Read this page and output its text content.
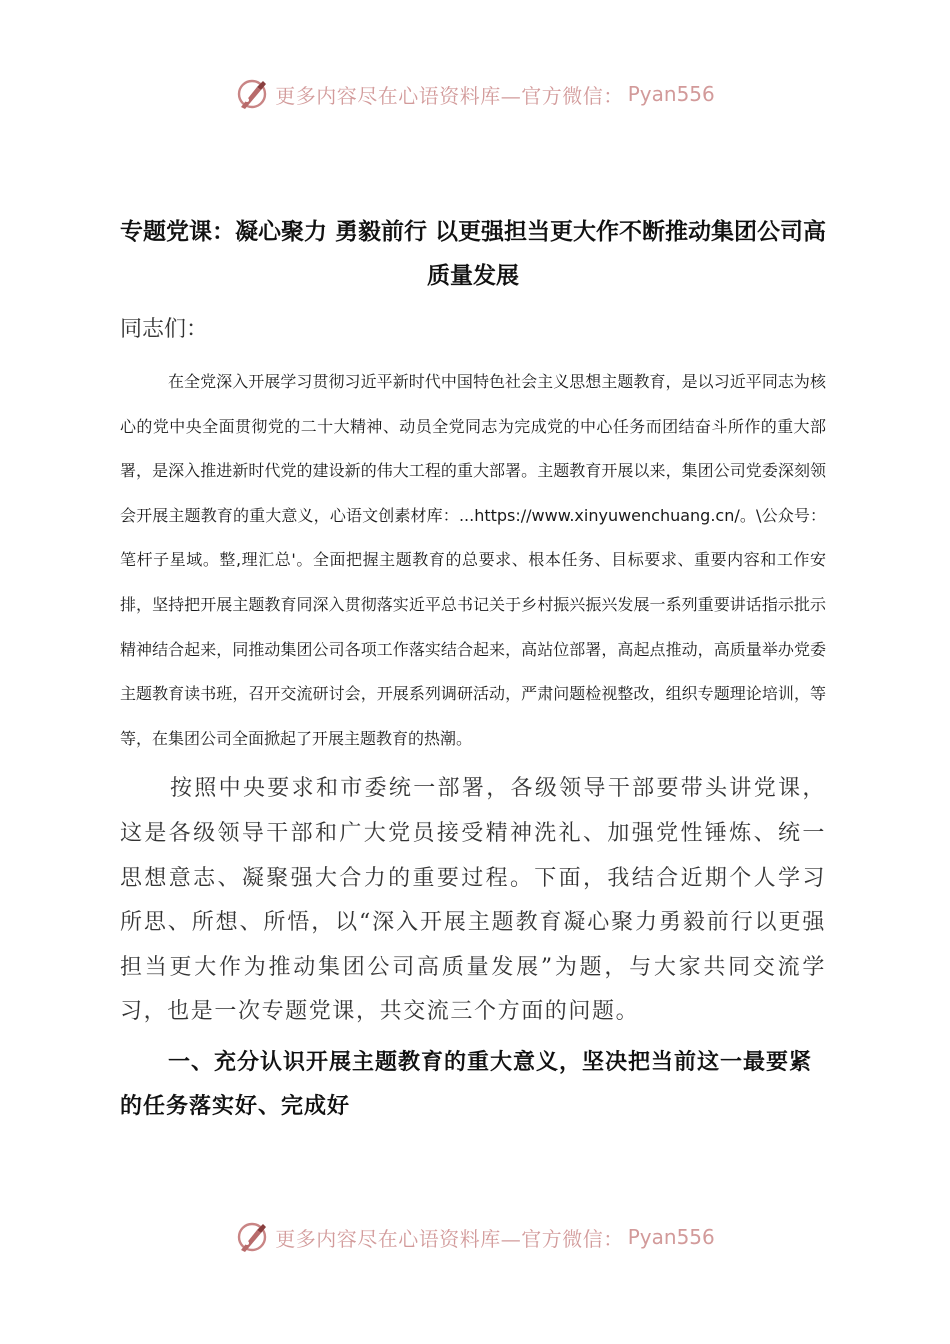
更多内容尽在心语资料库—官方微信： Pyan556
专题党课：凝心聚力 勇毅前行 以更强担当更大作不断推动集团公司高质量发展
同志们：

在全党深入开展学习贯彻习近平新时代中国特色社会主义思想主题教育，是以习近平同志为核心的党中央全面贯彻党的二十大精神、动员全党同志为完成党的中心任务而团结奋斗所作的重大部署，是深入推进新时代党的建设新的伟大工程的重大部署。主题教育开展以来，集团公司党委深刻领会开展主题教育的重大意义，心语文创素材库：...https://www.xinyuwenchuang.cn/。\公众号：笔杆子星域。整,理汇总'。全面把握主题教育的总要求、根本任务、目标要求、重要内容和工作安排，坚持把开展主题教育同深入贯彻落实近平总书记关于乡村振兴振兴发展一系列重要讲话指示批示精神结合起来，同推动集团公司各项工作落实结合起来，高站位部署，高起点推动，高质量举办党委主题教育读书班，召开交流研讨会，开展系列调研活动，严肃问题检视整改，组织专题理论培训，等等，在集团公司全面掀起了开展主题教育的热潮。

按照中央要求和市委统一部署，各级领导干部要带头讲党课，这是各级领导干部和广大党员接受精神洗礼、加强党性锤炼、统一思想意志、凝聚强大合力的重要过程。下面，我结合近期个人学习所思、所想、所悟，以“深入开展主题教育凝心聚力勇毅前行以更强担当更大作为推动集团公司高质量发展”为题，与大家共同交流学习，也是一次专题党课，共交流三个方面的问题。

一、充分认识开展主题教育的重大意义，坚决把当前这一最要紧的任务落实好、完成好

更多内容尽在心语资料库—官方微信： Pyan556
